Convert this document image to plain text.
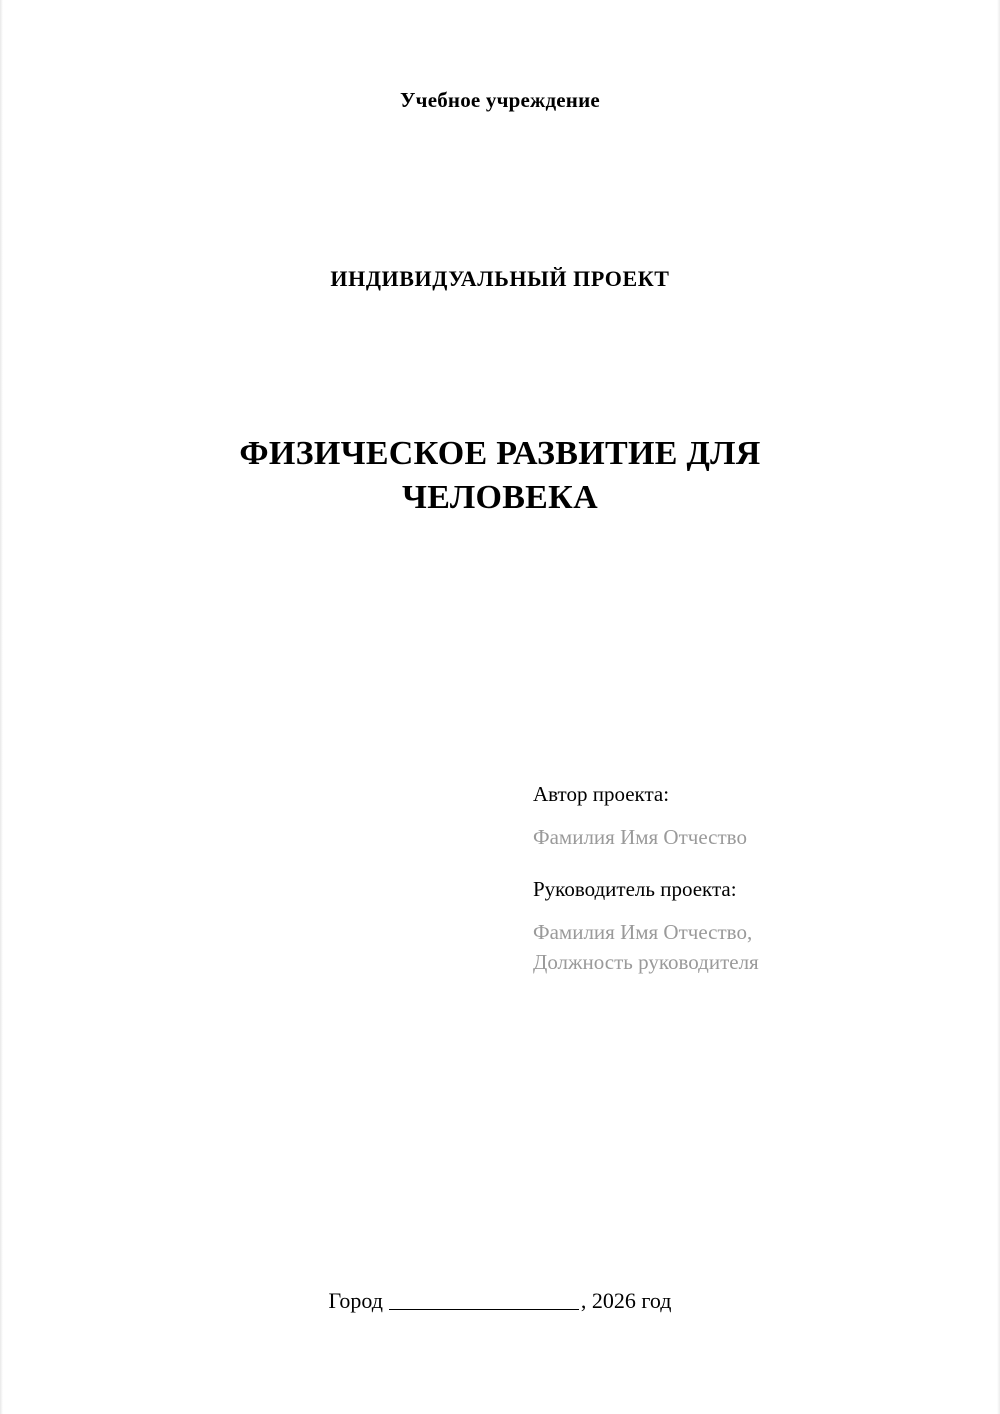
Учебное учреждение
ИНДИВИДУАЛЬНЫЙ ПРОЕКТ
ФИЗИЧЕСКОЕ РАЗВИТИЕ ДЛЯ ЧЕЛОВЕКА
Автор проекта:
Фамилия Имя Отчество
Руководитель проекта:
Фамилия Имя Отчество,
Должность руководителя
Город	, 2026 год
